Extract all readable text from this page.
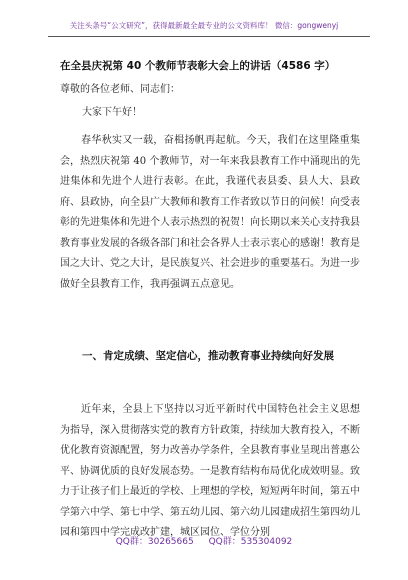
关注头条号“公文研究”，获得最新最全最专业的公文资料库！ 微信：gongwenyj
在全县庆祝第 40 个教师节表彰大会上的讲话（4586 字）
尊敬的各位老师、同志们：
大家下午好！

春华秋实又一载，奋楫扬帆再起航。今天，我们在这里隆重集会，热烈庆祝第 40 个教师节，对一年来我县教育工作中涌现出的先进集体和先进个人进行表彰。在此，我谨代表县委、县人大、县政府、县政协，向全县广大教师和教育工作者致以节日的问候！向受表彰的先进集体和先进个人表示热烈的祝贺！向长期以来关心支持我县教育事业发展的各级各部门和社会各界人士表示衷心的感谢！教育是国之大计、党之大计，是民族复兴、社会进步的重要基石。为进一步做好全县教育工作，我再强调五点意见。

一、肯定成绩、坚定信心，推动教育事业持续向好发展

近年来，全县上下坚持以习近平新时代中国特色社会主义思想为指导，深入贯彻落实党的教育方针政策，持续加大教育投入，不断优化教育资源配置，努力改善办学条件，全县教育事业呈现出普惠公平、协调优质的良好发展态势。一是教育结构布局优化成效明显。致力于让孩子们上最近的学校、上理想的学校，短短两年时间，第五中学第六中学、第七中学、第五幼儿园、第六幼儿园建成招生第四幼儿园和第四中学完成改扩建，城区园位、学位分别

QQ群：30265665 QQ群：535304092
